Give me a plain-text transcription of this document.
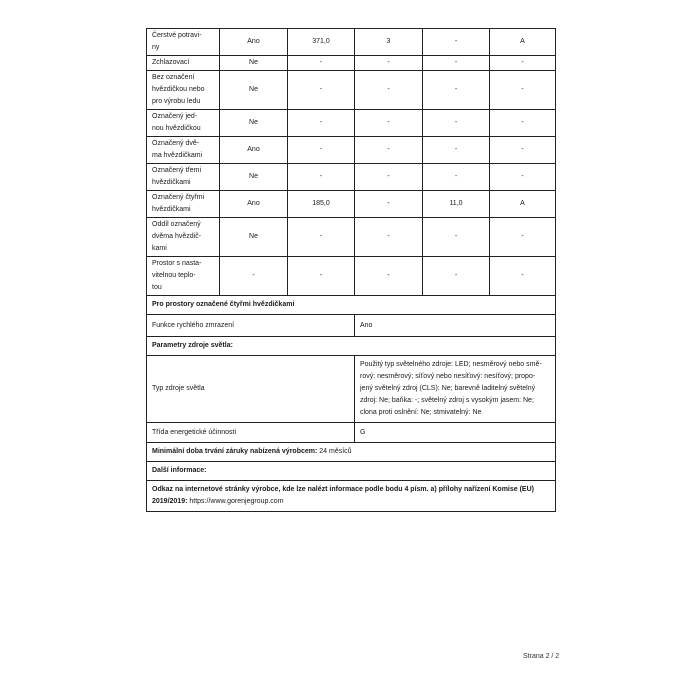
Čerstvé potravi-
ny	Ano	371,0	3	-	A

Zchlazovací	Ne	-	-	-	-

Bez označení
hvězdičkou nebo
pro výrobu ledu	Ne	-	-	-	-

Označený jed-
nou hvězdičkou	Ne	-	-	-	-

Označený dvě-
ma hvězdičkami	Ano	-	-	-	-

Označený třemi
hvězdičkami	Ne	-	-	-	-

Označený čtyřmi
hvězdičkami	Ano	185,0	-	11,0	A

Oddíl označený
dvěma hvězdič-
kami	Ne	-	-	-	-

Prostor s nasta-
vitelnou teplo-
tou	-	-	-	-	-
Pro prostory označené čtyřmi hvězdičkami					
Funkce rychlého zmrazení			Ano		
Parametry zdroje světla:					
Typ zdroje světla			Použitý typ světelného zdroje: LED; nesměrový nebo smě-
rový: nesměrový; síťový nebo nesíťový: nesíťový; propo-
jený světelný zdroj (CLS): Ne; barevně laditelný světelný
zdroj: Ne; baňka: -; světelný zdroj s vysokým jasem: Ne;
clona proti oslnění: Ne; stmivatelný: Ne		

Třída energetické účinnosti			G		
Minimální doba trvání záruky nabízená výrobcem: 24 měsíců					
Další informace:					

Odkaz na internetové stránky výrobce, kde lze nalézt informace podle bodu 4 písm. a) přílohy nařízení Komise (EU)
2019/2019: https://www.gorenjegroup.com					
Strana 2 / 2
